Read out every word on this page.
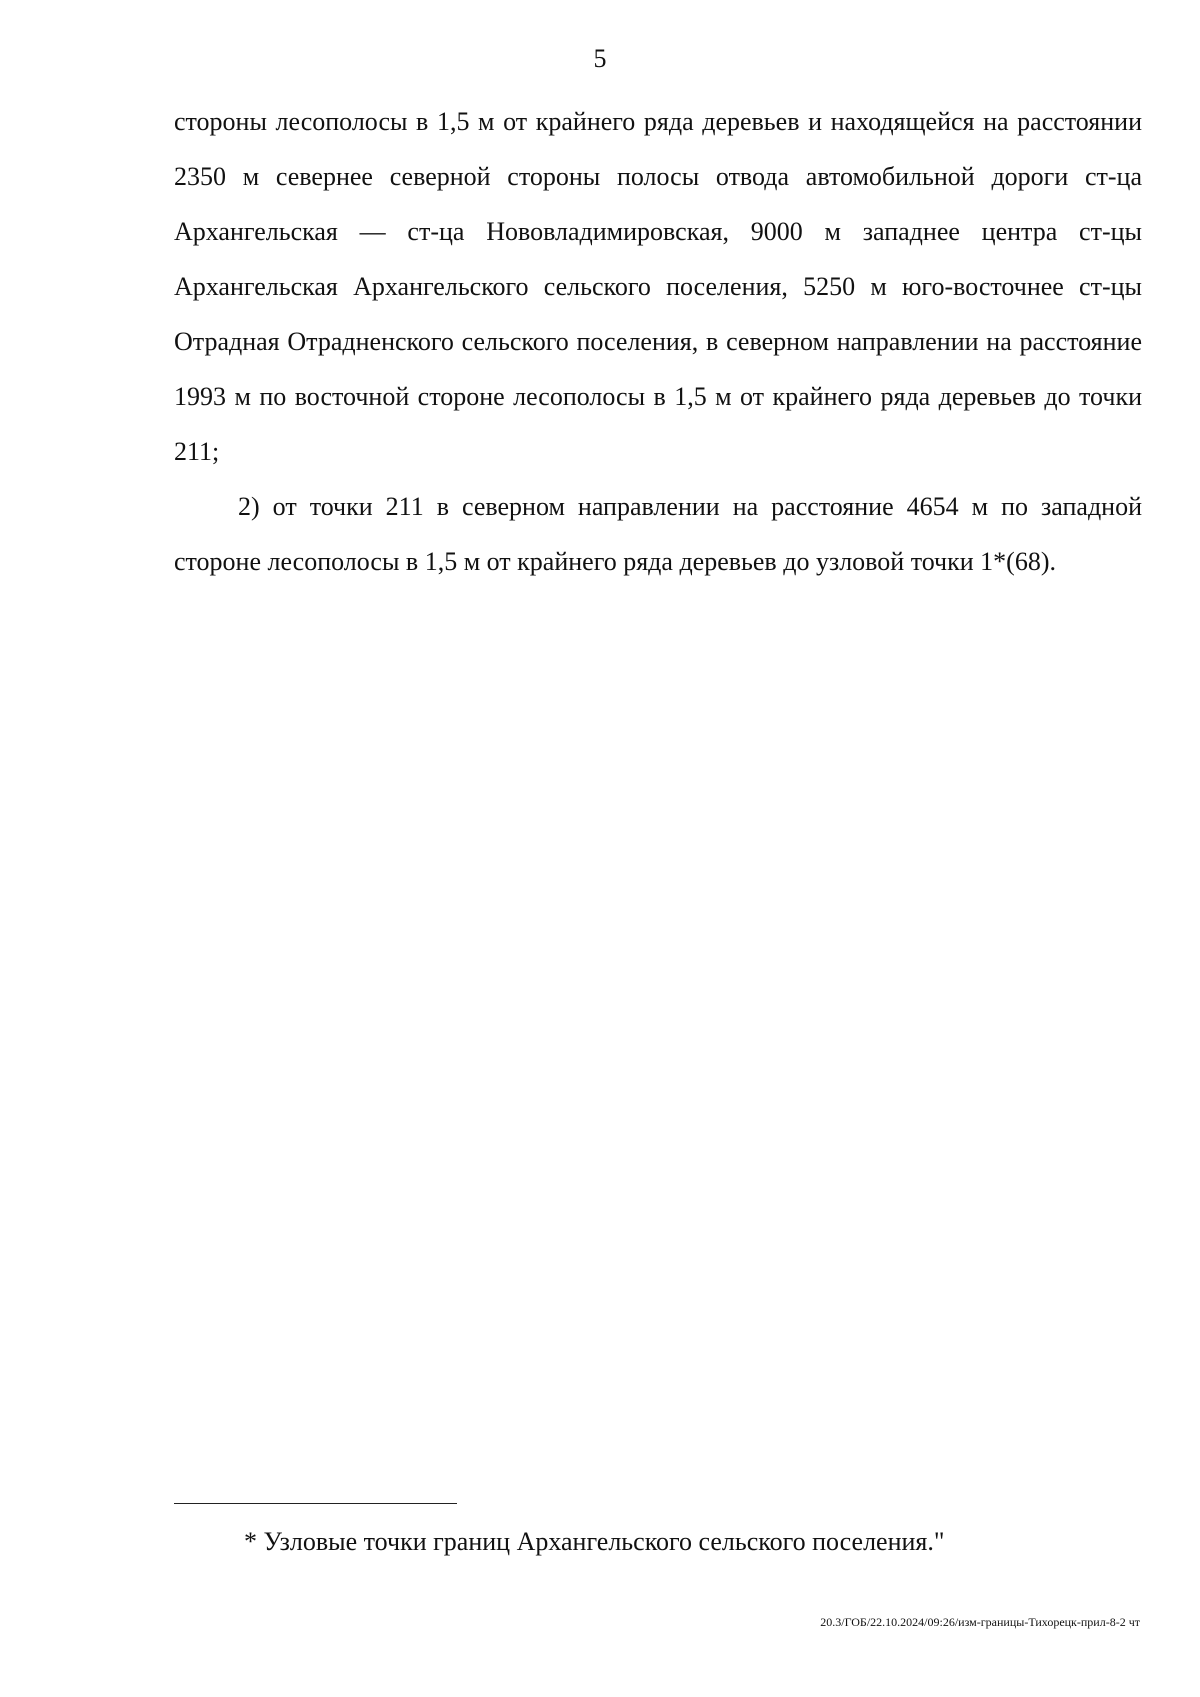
5

стороны лесополосы в 1,5 м от крайнего ряда деревьев и находящейся на расстоянии 2350 м севернее северной стороны полосы отвода автомобильной дороги ст-ца Архангельская — ст-ца Нововладимировская, 9000 м западнее центра ст-цы Архангельская Архангельского сельского поселения, 5250 м юго-восточнее ст-цы Отрадная Отрадненского сельского поселения, в северном направлении на расстояние 1993 м по восточной стороне лесополосы в 1,5 м от крайнего ряда деревьев до точки 211;

2) от точки 211 в северном направлении на расстояние 4654 м по западной стороне лесополосы в 1,5 м от крайнего ряда деревьев до узловой точки 1*(68).

* Узловые точки границ Архангельского сельского поселения."
20.3/ГОБ/22.10.2024/09:26/изм-границы-Тихорецк-прил-8-2 чт
